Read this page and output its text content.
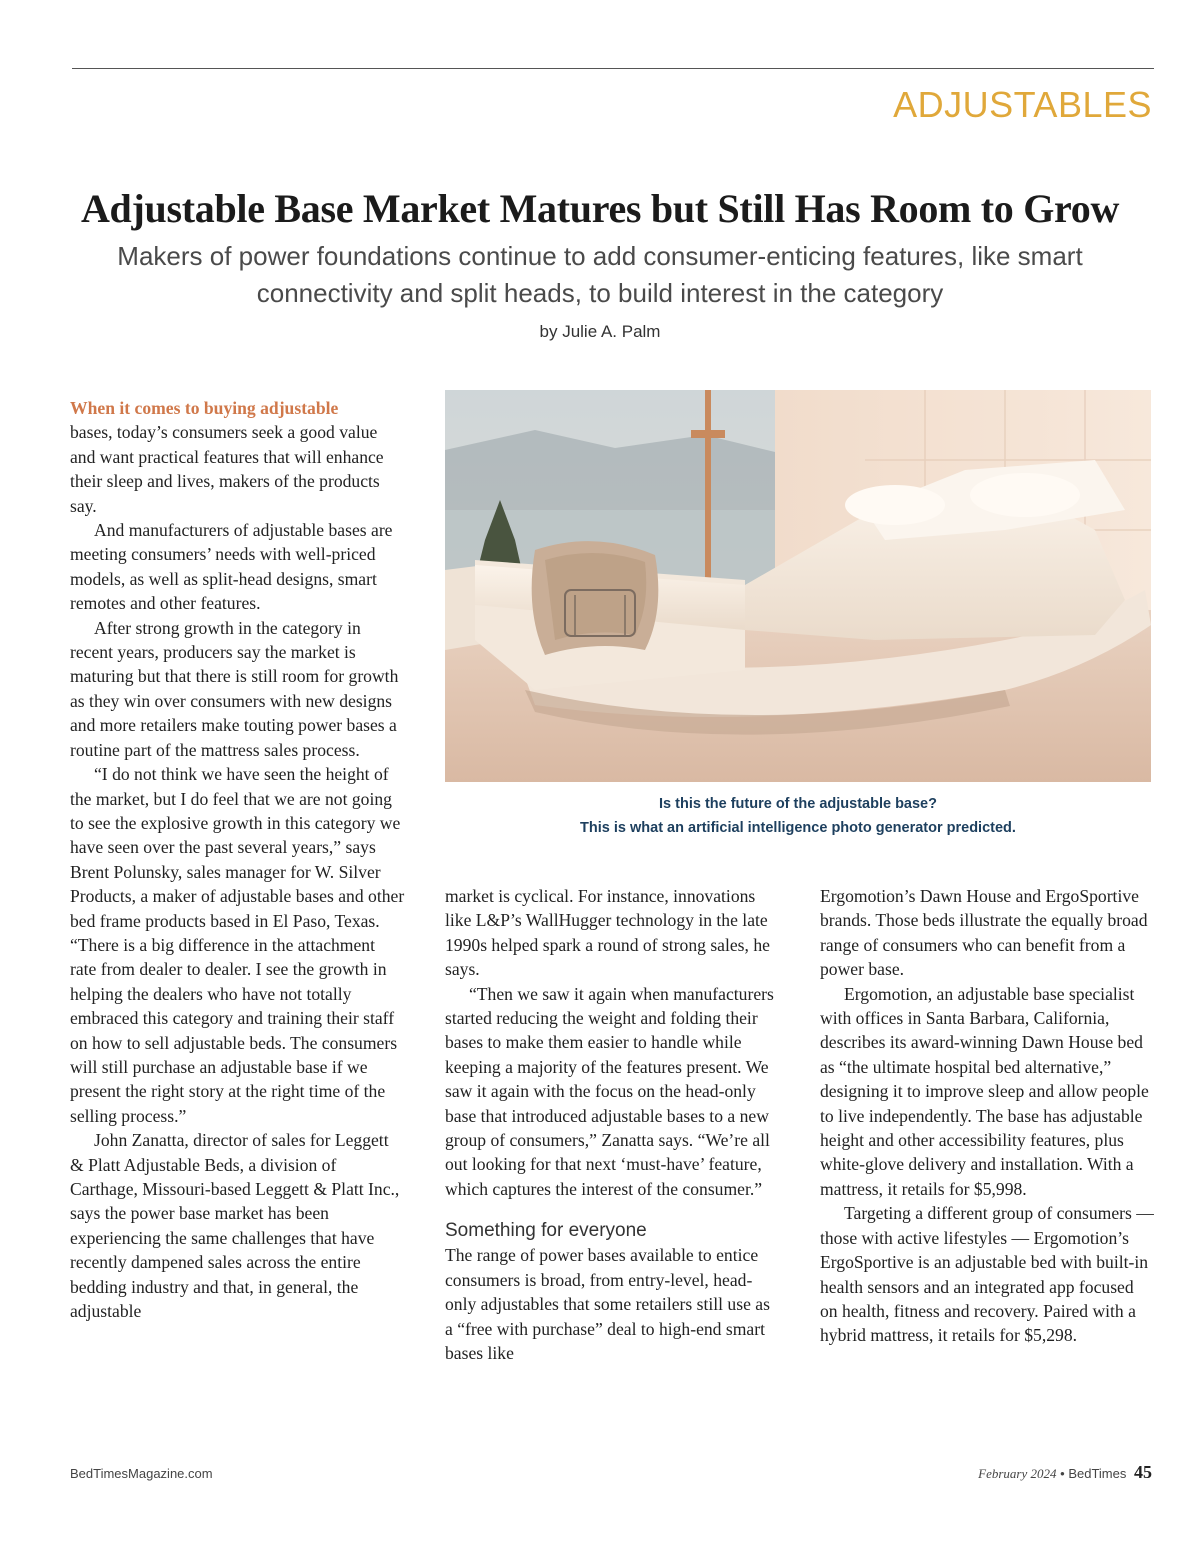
ADJUSTABLES
Adjustable Base Market Matures but Still Has Room to Grow

Makers of power foundations continue to add consumer-enticing features, like smart connectivity and split heads, to build interest in the category

by Julie A. Palm

When it comes to buying adjustable
bases, today’s consumers seek a good value and want practical features that will enhance their sleep and lives, makers of the products say.

And manufacturers of adjustable bases are meeting consumers’ needs with well-priced models, as well as split-head designs, smart remotes and other features.

After strong growth in the category in recent years, producers say the market is maturing but that there is still room for growth as they win over consumers with new designs and more retailers make touting power bases a routine part of the mattress sales process.

“I do not think we have seen the height of the market, but I do feel that we are not going to see the explosive growth in this category we have seen over the past several years,” says Brent Polunsky, sales manager for W. Silver Products, a maker of adjustable bases and other bed frame products based in El Paso, Texas. “There is a big difference in the attachment rate from dealer to dealer. I see the growth in helping the dealers who have not totally embraced this category and training their staff on how to sell adjustable beds. The consumers will still purchase an adjustable base if we present the right story at the right time of the selling process.”

John Zanatta, director of sales for Leggett & Platt Adjustable Beds, a division of Carthage, Missouri-based Leggett & Platt Inc., says the power base market has been experiencing the same challenges that have recently dampened sales across the entire bedding industry and that, in general, the adjustable

Is this the future of the adjustable base?
This is what an artificial intelligence photo generator predicted.

market is cyclical. For instance, innovations like L&P’s WallHugger technology in the late 1990s helped spark a round of strong sales, he says.

“Then we saw it again when manufacturers started reducing the weight and folding their bases to make them easier to handle while keeping a majority of the features present. We saw it again with the focus on the head-only base that introduced adjustable bases to a new group of consumers,” Zanatta says. “We’re all out looking for that next ‘must-have’ feature, which captures the interest of the consumer.”

Something for everyone

The range of power bases available to entice consumers is broad, from entry-level, head-only adjustables that some retailers still use as a “free with purchase” deal to high-end smart bases like

Ergomotion’s Dawn House and ErgoSportive brands. Those beds illustrate the equally broad range of consumers who can benefit from a power base.

Ergomotion, an adjustable base specialist with offices in Santa Barbara, California, describes its award-winning Dawn House bed as “the ultimate hospital bed alternative,” designing it to improve sleep and allow people to live independently. The base has adjustable height and other accessibility features, plus white-glove delivery and installation. With a mattress, it retails for $5,998.

Targeting a different group of consumers — those with active lifestyles — Ergomotion’s ErgoSportive is an adjustable bed with built-in health sensors and an integrated app focused on health, fitness and recovery. Paired with a hybrid mattress, it retails for $5,298.

BedTimesMagazine.com	February 2024 • BedTimes 45
